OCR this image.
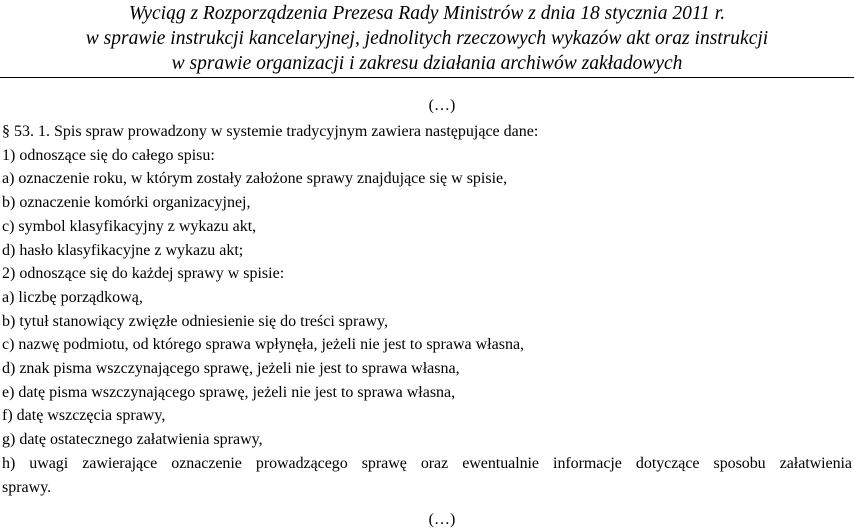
Wyciąg z Rozporządzenia Prezesa Rady Ministrów z dnia 18 stycznia 2011 r.
w sprawie instrukcji kancelaryjnej, jednolitych rzeczowych wykazów akt oraz instrukcji
w sprawie organizacji i zakresu działania archiwów zakładowych
(…)
§ 53. 1. Spis spraw prowadzony w systemie tradycyjnym zawiera następujące dane:
1) odnoszące się do całego spisu:
a) oznaczenie roku, w którym zostały założone sprawy znajdujące się w spisie,
b) oznaczenie komórki organizacyjnej,
c) symbol klasyfikacyjny z wykazu akt,
d) hasło klasyfikacyjne z wykazu akt;
2) odnoszące się do każdej sprawy w spisie:
a) liczbę porządkową,
b) tytuł stanowiący zwięzłe odniesienie się do treści sprawy,
c) nazwę podmiotu, od którego sprawa wpłynęła, jeżeli nie jest to sprawa własna,
d) znak pisma wszczynającego sprawę, jeżeli nie jest to sprawa własna,
e) datę pisma wszczynającego sprawę, jeżeli nie jest to sprawa własna,
f) datę wszczęcia sprawy,
g) datę ostatecznego załatwienia sprawy,
h) uwagi zawierające oznaczenie prowadzącego sprawę oraz ewentualnie informacje dotyczące sposobu załatwienia
sprawy.
(…)
